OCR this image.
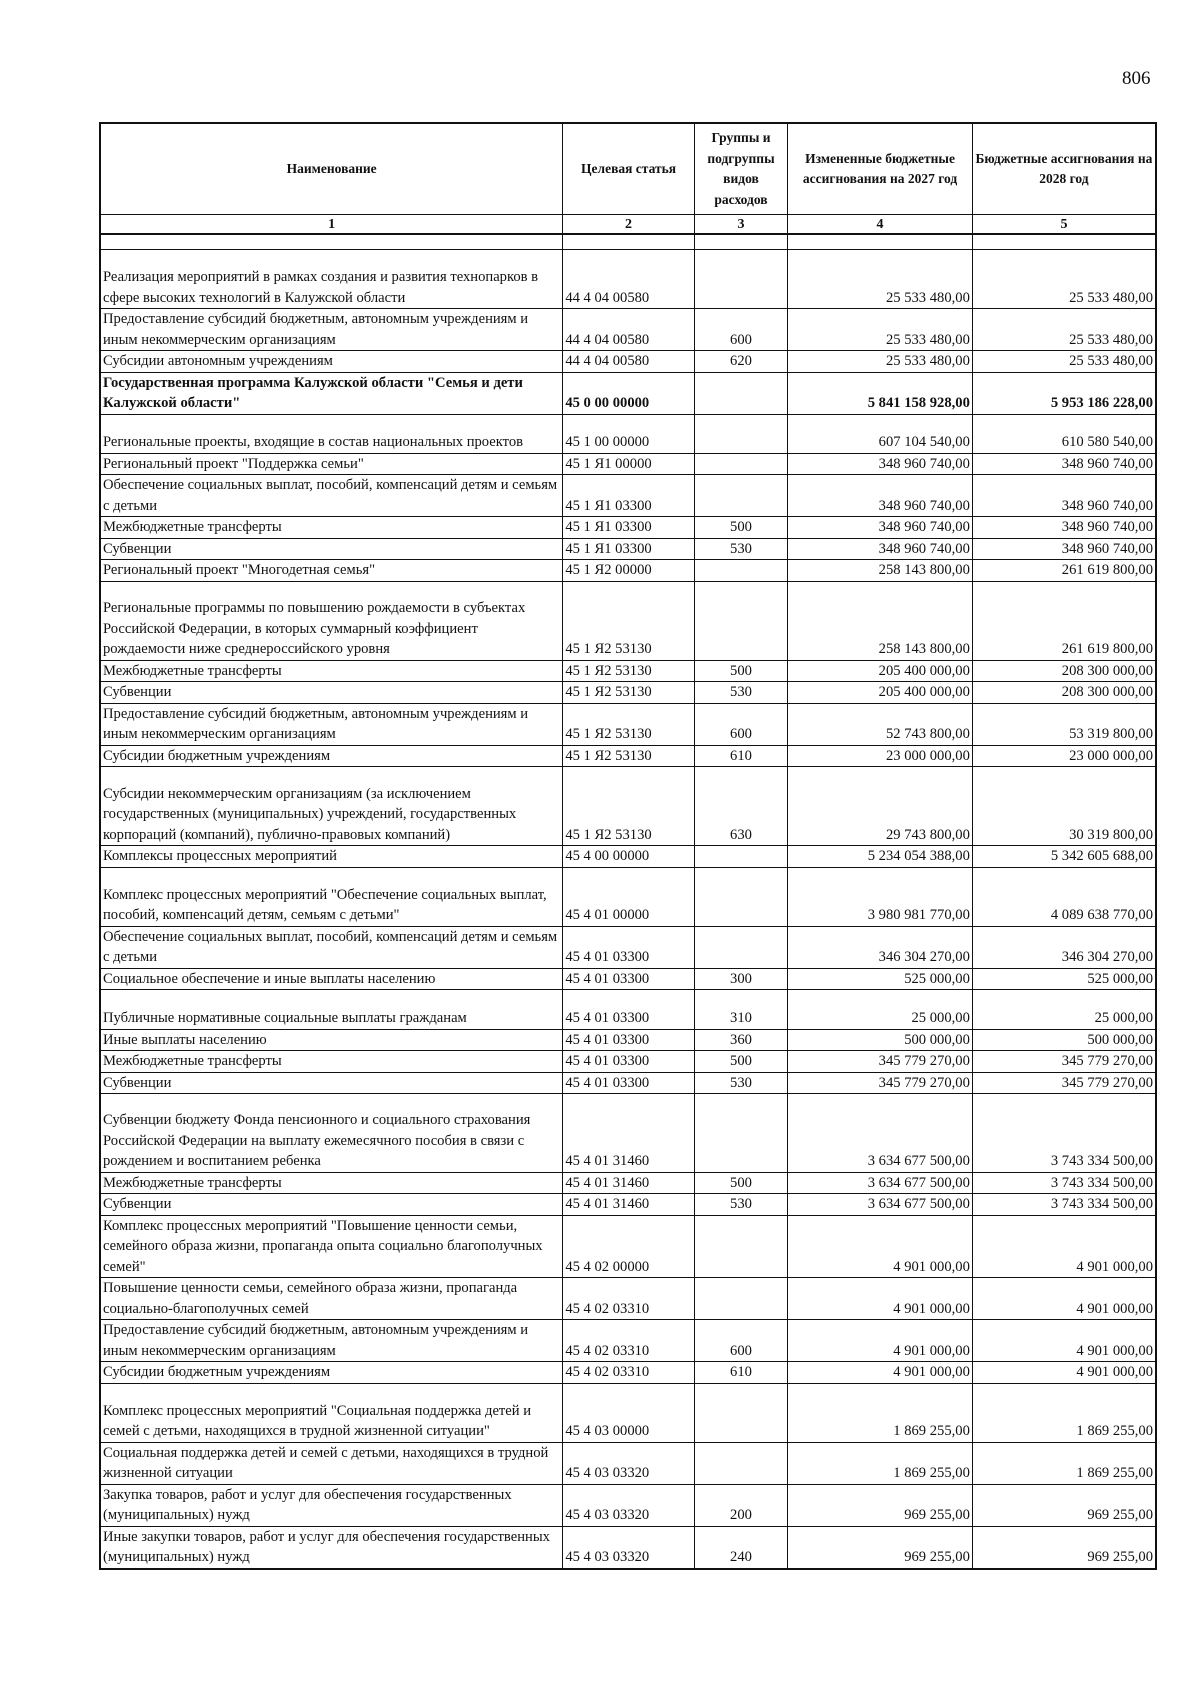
806
Наименование	Целевая статья	Группы и подгруппы видов расходов	Измененные бюджетные ассигнования на 2027 год	Бюджетные ассигнования на 2028 год
1	2	3	4	5

Реализация мероприятий в рамках создания и развития технопарков в сфере высоких технологий в Калужской области	44 4 04 00580		25 533 480,00	25 533 480,00
Предоставление субсидий бюджетным, автономным учреждениям и иным некоммерческим организациям	44 4 04 00580	600	25 533 480,00	25 533 480,00
Субсидии автономным учреждениям	44 4 04 00580	620	25 533 480,00	25 533 480,00
Государственная программа Калужской области "Семья и дети Калужской области"	45 0 00 00000		5 841 158 928,00	5 953 186 228,00
Региональные проекты, входящие в состав национальных проектов	45 1 00 00000		607 104 540,00	610 580 540,00
Региональный проект "Поддержка семьи"	45 1 Я1 00000		348 960 740,00	348 960 740,00
Обеспечение социальных выплат, пособий, компенсаций детям и семьям с детьми	45 1 Я1 03300		348 960 740,00	348 960 740,00
Межбюджетные трансферты	45 1 Я1 03300	500	348 960 740,00	348 960 740,00
Субвенции	45 1 Я1 03300	530	348 960 740,00	348 960 740,00
Региональный проект "Многодетная семья"	45 1 Я2 00000		258 143 800,00	261 619 800,00
Региональные программы по повышению рождаемости в субъектах Российской Федерации, в которых суммарный коэффициент рождаемости ниже среднероссийского уровня	45 1 Я2 53130		258 143 800,00	261 619 800,00
Межбюджетные трансферты	45 1 Я2 53130	500	205 400 000,00	208 300 000,00
Субвенции	45 1 Я2 53130	530	205 400 000,00	208 300 000,00
Предоставление субсидий бюджетным, автономным учреждениям и иным некоммерческим организациям	45 1 Я2 53130	600	52 743 800,00	53 319 800,00
Субсидии бюджетным учреждениям	45 1 Я2 53130	610	23 000 000,00	23 000 000,00
Субсидии некоммерческим организациям (за исключением государственных (муниципальных) учреждений, государственных корпораций (компаний), публично-правовых компаний)	45 1 Я2 53130	630	29 743 800,00	30 319 800,00
Комплексы процессных мероприятий	45 4 00 00000		5 234 054 388,00	5 342 605 688,00
Комплекс процессных мероприятий "Обеспечение социальных выплат, пособий, компенсаций детям, семьям с детьми"	45 4 01 00000		3 980 981 770,00	4 089 638 770,00
Обеспечение социальных выплат, пособий, компенсаций детям и семьям с детьми	45 4 01 03300		346 304 270,00	346 304 270,00
Социальное обеспечение и иные выплаты населению	45 4 01 03300	300	525 000,00	525 000,00
Публичные нормативные социальные выплаты гражданам	45 4 01 03300	310	25 000,00	25 000,00
Иные выплаты населению	45 4 01 03300	360	500 000,00	500 000,00
Межбюджетные трансферты	45 4 01 03300	500	345 779 270,00	345 779 270,00
Субвенции	45 4 01 03300	530	345 779 270,00	345 779 270,00
Субвенции бюджету Фонда пенсионного и социального страхования Российской Федерации на выплату ежемесячного пособия в связи с рождением и воспитанием ребенка	45 4 01 31460		3 634 677 500,00	3 743 334 500,00
Межбюджетные трансферты	45 4 01 31460	500	3 634 677 500,00	3 743 334 500,00
Субвенции	45 4 01 31460	530	3 634 677 500,00	3 743 334 500,00
Комплекс процессных мероприятий "Повышение ценности семьи, семейного образа жизни, пропаганда опыта социально благополучных семей"	45 4 02 00000		4 901 000,00	4 901 000,00
Повышение ценности семьи, семейного образа жизни, пропаганда социально-благополучных семей	45 4 02 03310		4 901 000,00	4 901 000,00
Предоставление субсидий бюджетным, автономным учреждениям и иным некоммерческим организациям	45 4 02 03310	600	4 901 000,00	4 901 000,00
Субсидии бюджетным учреждениям	45 4 02 03310	610	4 901 000,00	4 901 000,00
Комплекс процессных мероприятий "Социальная поддержка детей и семей с детьми, находящихся в трудной жизненной ситуации"	45 4 03 00000		1 869 255,00	1 869 255,00
Социальная поддержка детей и семей с детьми, находящихся в трудной жизненной ситуации	45 4 03 03320		1 869 255,00	1 869 255,00
Закупка товаров, работ и услуг для обеспечения государственных (муниципальных) нужд	45 4 03 03320	200	969 255,00	969 255,00
Иные закупки товаров, работ и услуг для обеспечения государственных (муниципальных) нужд	45 4 03 03320	240	969 255,00	969 255,00
